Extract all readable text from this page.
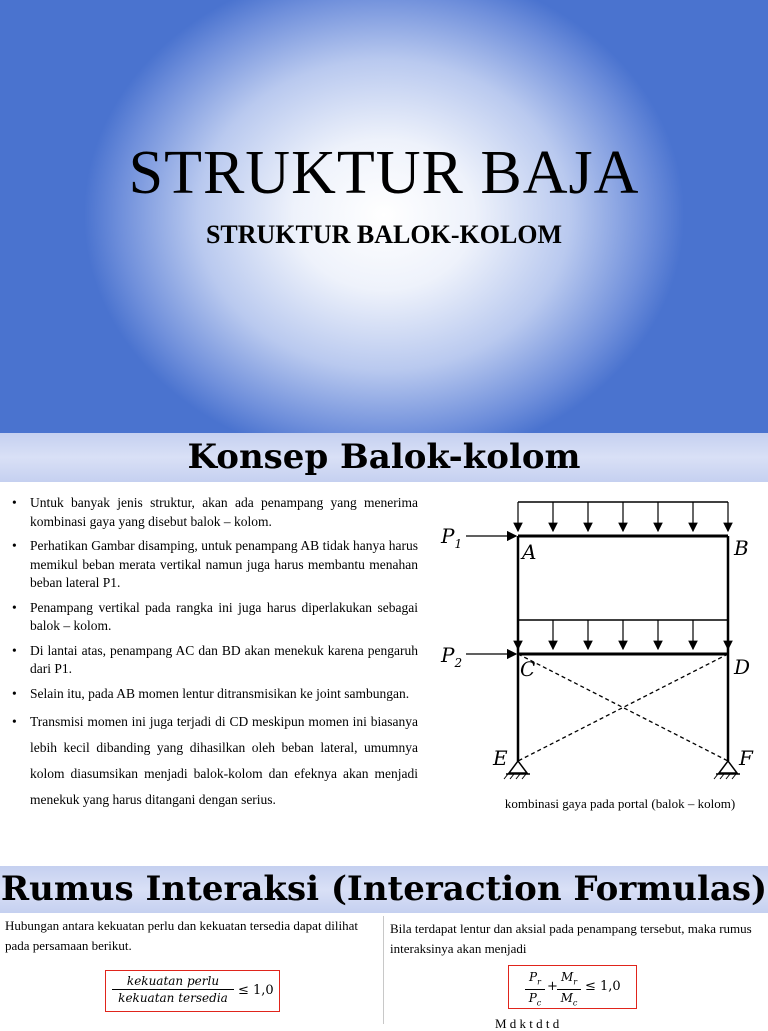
STRUKTUR BAJA
STRUKTUR BALOK-KOLOM
Konsep Balok-kolom
• Untuk banyak jenis struktur, akan ada penampang yang menerima kombinasi gaya yang disebut balok – kolom.
• Perhatikan Gambar disamping, untuk penampang AB tidak hanya harus memikul beban merata vertikal namun juga harus membantu menahan beban lateral P1.
• Penampang vertikal pada rangka ini juga harus diperlakukan sebagai balok – kolom.
• Di lantai atas, penampang AC dan BD akan menekuk karena pengaruh dari P1.
• Selain itu, pada AB momen lentur ditransmisikan ke joint sambungan.
• Transmisi momen ini juga terjadi di CD meskipun momen ini biasanya lebih kecil dibanding yang dihasilkan oleh beban lateral, umumnya kolom diasumsikan menjadi balok-kolom dan efeknya akan menjadi menekuk yang harus ditangani dengan serius.
$P_1$
$P_2$
A	B
C	D
E	F
kombinasi gaya pada portal (balok – kolom)
Rumus Interaksi (Interaction Formulas)
Hubungan antara kekuatan perlu dan kekuatan tersedia dapat dilihat pada persamaan berikut.
Bila terdapat lentur dan aksial pada penampang tersebut, maka rumus interaksinya akan menjadi
kekuatan perlu
kekuatan tersedia ≤ 1,0	$\frac{P_r}{P_c} + \frac{M_r}{M_c} \le 1,0$
M d k t d t d
